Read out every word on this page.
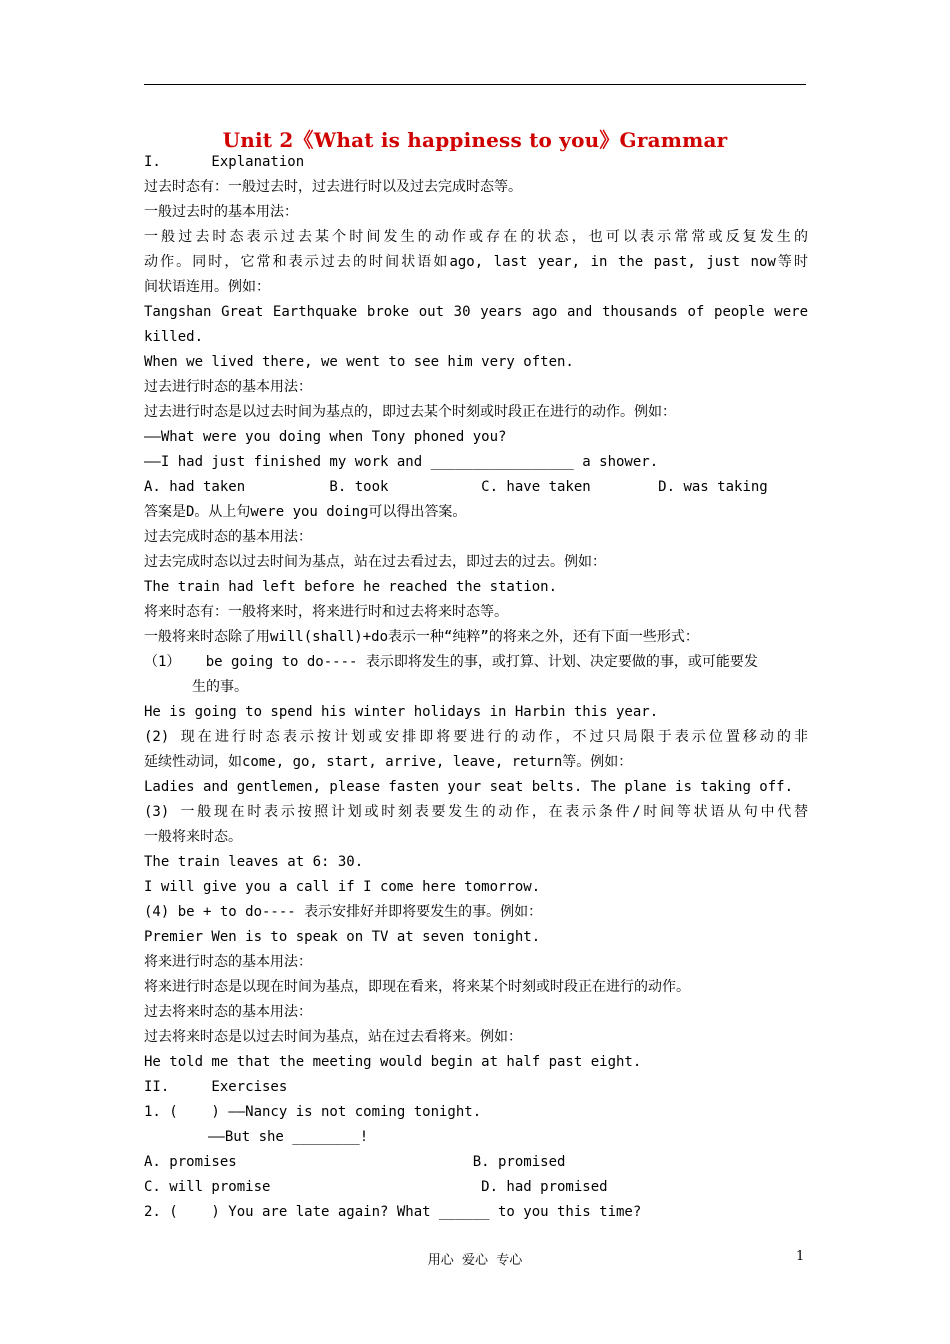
Unit 2《What is happiness to you》Grammar
I.      Explanation
过去时态有：一般过去时，过去进行时以及过去完成时态等。
一般过去时的基本用法：
一般过去时态表示过去某个时间发生的动作或存在的状态，也可以表示常常或反复发生的
动作。同时，它常和表示过去的时间状语如ago, last year, in the past, just now等时
间状语连用。例如：
Tangshan Great Earthquake broke out 30 years ago and thousands of people were
killed.
When we lived there, we went to see him very often.
过去进行时态的基本用法：
过去进行时态是以过去时间为基点的，即过去某个时刻或时段正在进行的动作。例如：
——What were you doing when Tony phoned you?
——I had just finished my work and _________________ a shower.
A. had taken          B. took           C. have taken        D. was taking
答案是D。从上句were you doing可以得出答案。
过去完成时态的基本用法：
过去完成时态以过去时间为基点，站在过去看过去，即过去的过去。例如：
The train had left before he reached the station.
将来时态有：一般将来时，将来进行时和过去将来时态等。
一般将来时态除了用will(shall)+do表示一种“纯粹”的将来之外，还有下面一些形式：
（1）   be going to do---- 表示即将发生的事，或打算、计划、决定要做的事，或可能要发
生的事。
He is going to spend his winter holidays in Harbin this year.
(2) 现在进行时态表示按计划或安排即将要进行的动作，不过只局限于表示位置移动的非
延续性动词，如come, go, start, arrive, leave, return等。例如：
Ladies and gentlemen, please fasten your seat belts. The plane is taking off.
(3) 一般现在时表示按照计划或时刻表要发生的动作，在表示条件/时间等状语从句中代替
一般将来时态。
The train leaves at 6: 30.
I will give you a call if I come here tomorrow.
(4) be + to do---- 表示安排好并即将要发生的事。例如：
Premier Wen is to speak on TV at seven tonight.
将来进行时态的基本用法：
将来进行时态是以现在时间为基点，即现在看来，将来某个时刻或时段正在进行的动作。
过去将来时态的基本用法：
过去将来时态是以过去时间为基点，站在过去看将来。例如：
He told me that the meeting would begin at half past eight.
II.     Exercises
1. (    ) ——Nancy is not coming tonight.
——But she ________!
A. promises                            B. promised
C. will promise                         D. had promised
2. (    ) You are late again? What ______ to you this time?
用心  爱心  专心	1
